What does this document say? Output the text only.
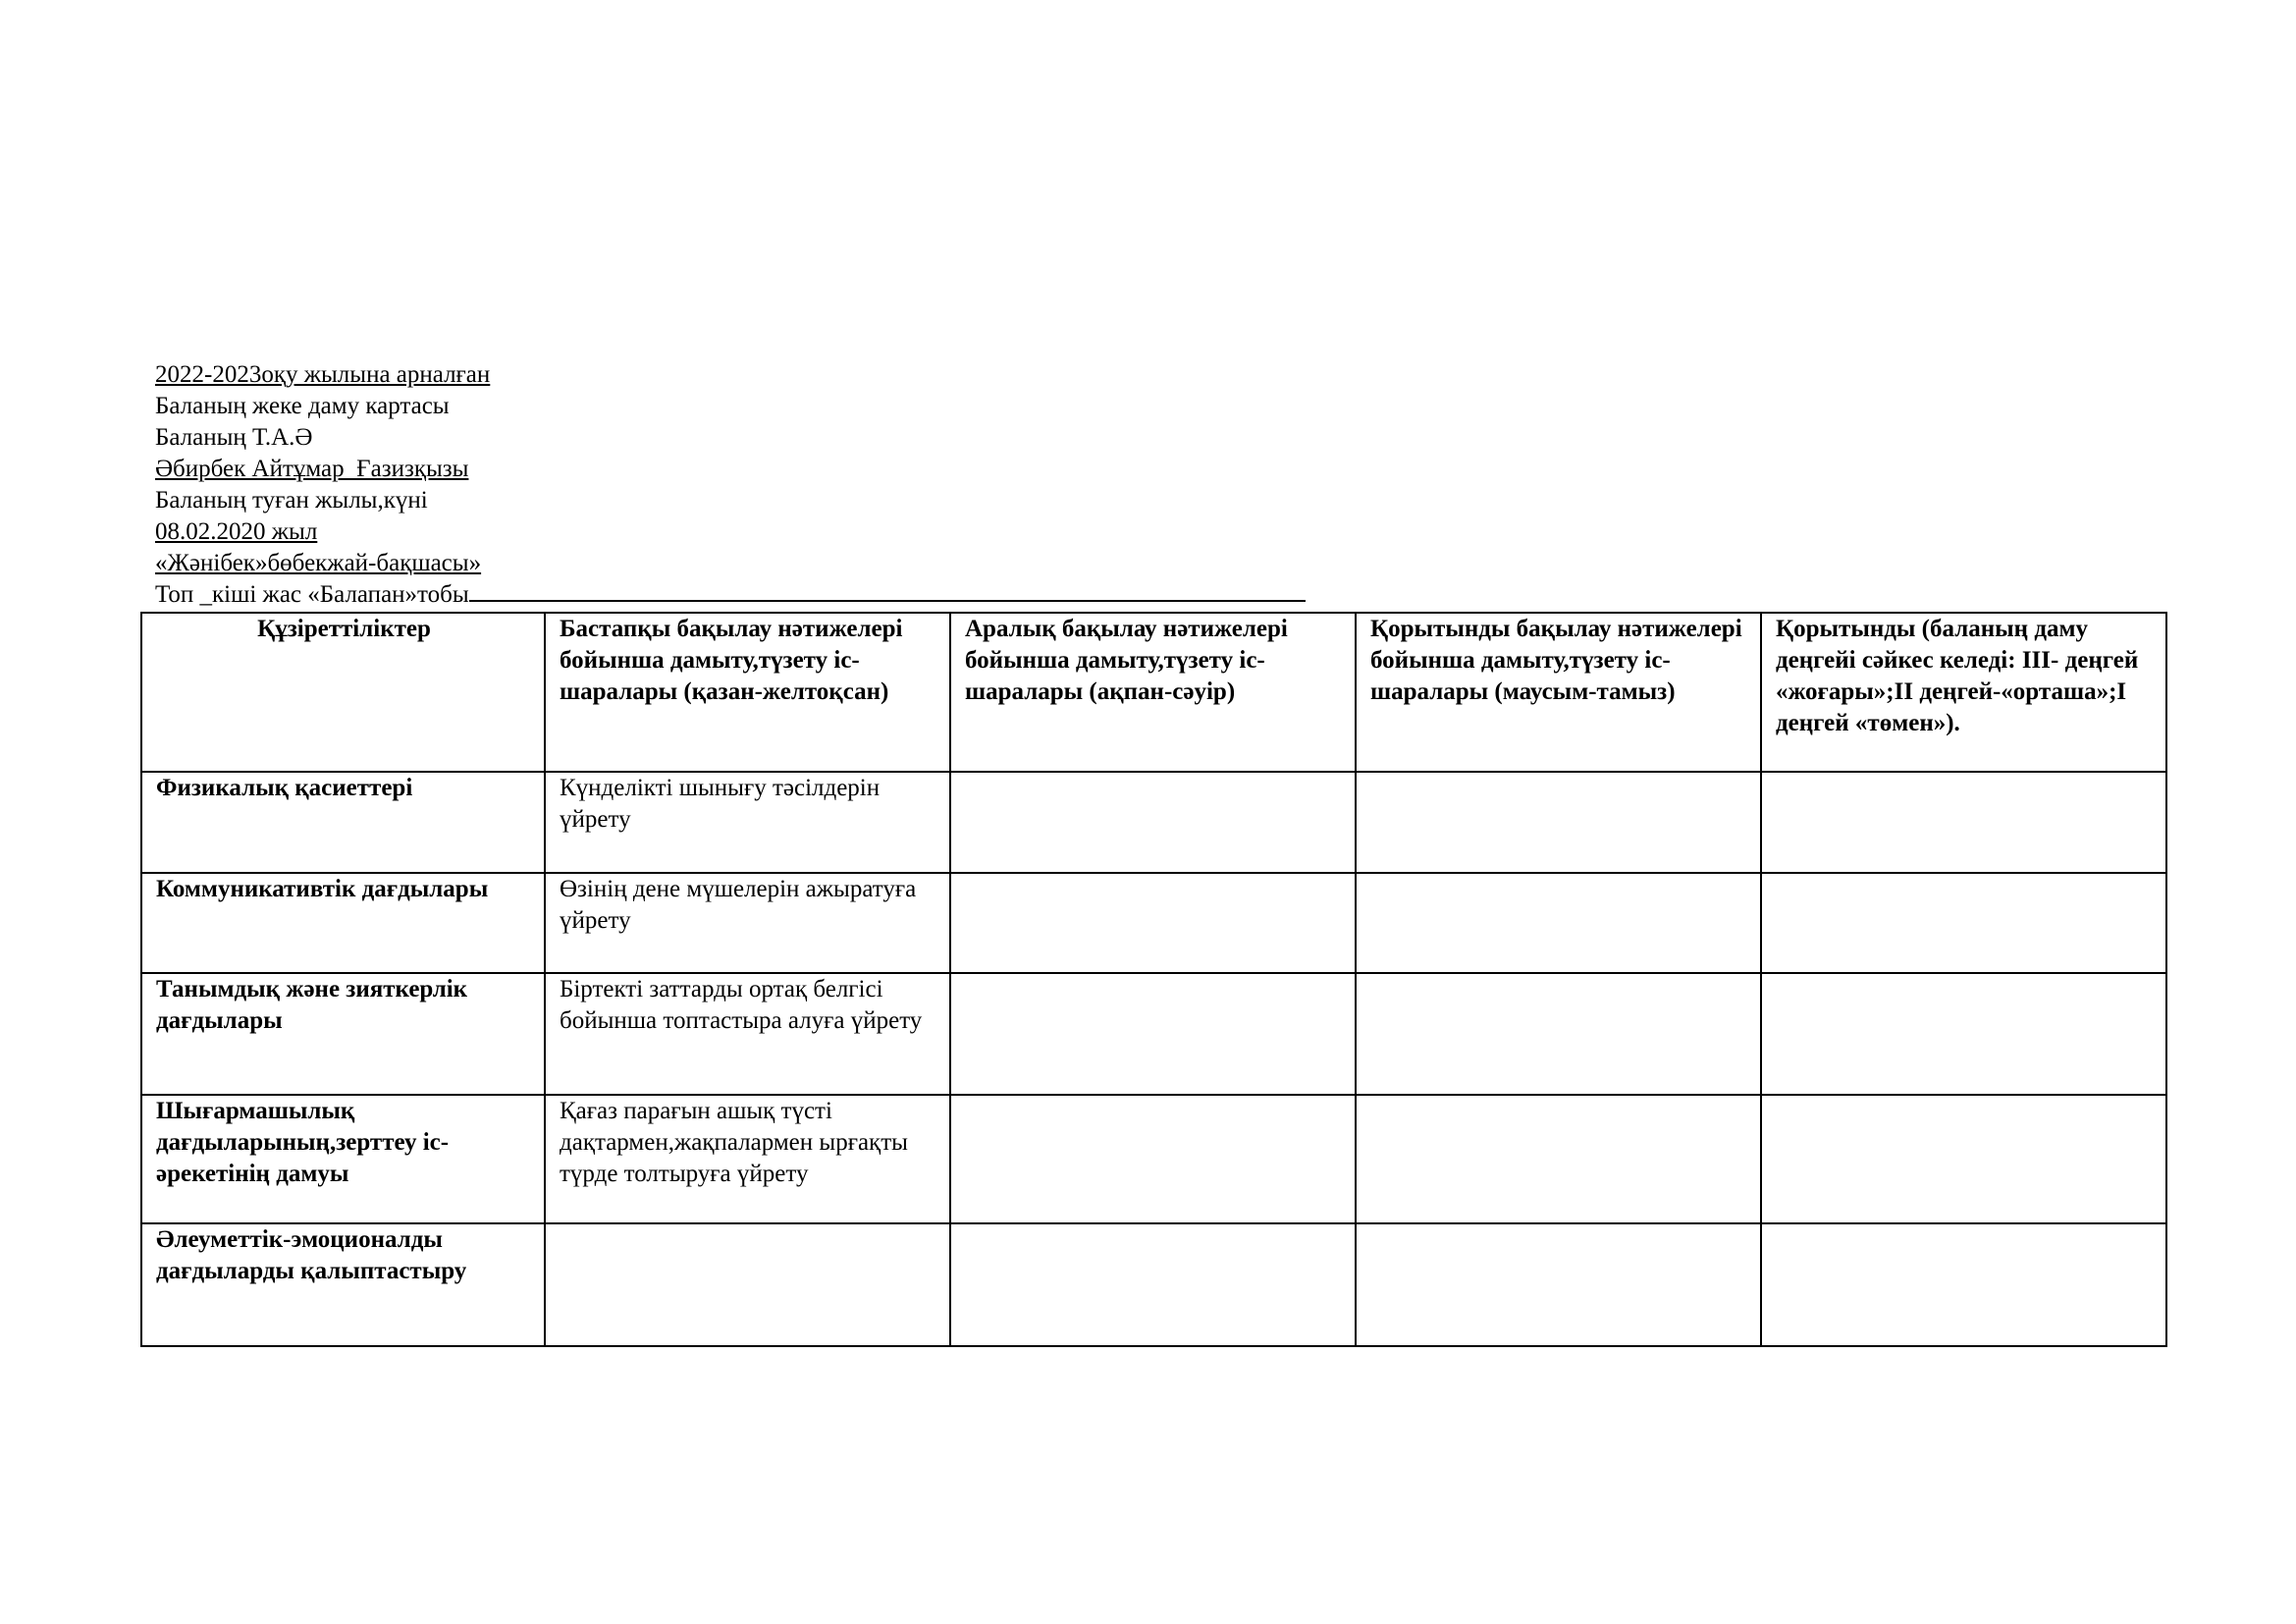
2022-2023оқу жылына арналған
Баланың жеке даму картасы
Баланың Т.А.Ә
Әбирбек Айтұмар  Ғазизқызы
Баланың туған жылы,күні
08.02.2020 жыл
«Жәнібек»бөбекжай-бақшасы»
Топ _кіші жас «Балапан»тобы
Құзіреттіліктер	Бастапқы бақылау нәтижелері бойынша дамыту,түзету іс-шаралары (қазан-желтоқсан)	Аралық бақылау нәтижелері бойынша дамыту,түзету іс-шаралары (ақпан-сәуір)	Қорытынды бақылау нәтижелері бойынша дамыту,түзету іс-шаралары (маусым-тамыз)	Қорытынды (баланың даму деңгейі сәйкес келеді: ІІІ- деңгей «жоғары»;ІІ деңгей-«орташа»;І деңгей «төмен»).
Физикалық қасиеттері	Күнделікті шынығу тәсілдерін үйрету			
Коммуникативтік дағдылары	Өзінің дене мүшелерін ажыратуға үйрету			
Танымдық және зияткерлік дағдылары	Біртекті заттарды ортақ белгісі бойынша топтастыра алуға үйрету			
Шығармашылық дағдыларының,зерттеу іс-әрекетінің дамуы	Қағаз парағын ашық түсті дақтармен,жақпалармен ырғақты түрде толтыруға үйрету			
Әлеуметтік-эмоционалды дағдыларды қалыптастыру				
